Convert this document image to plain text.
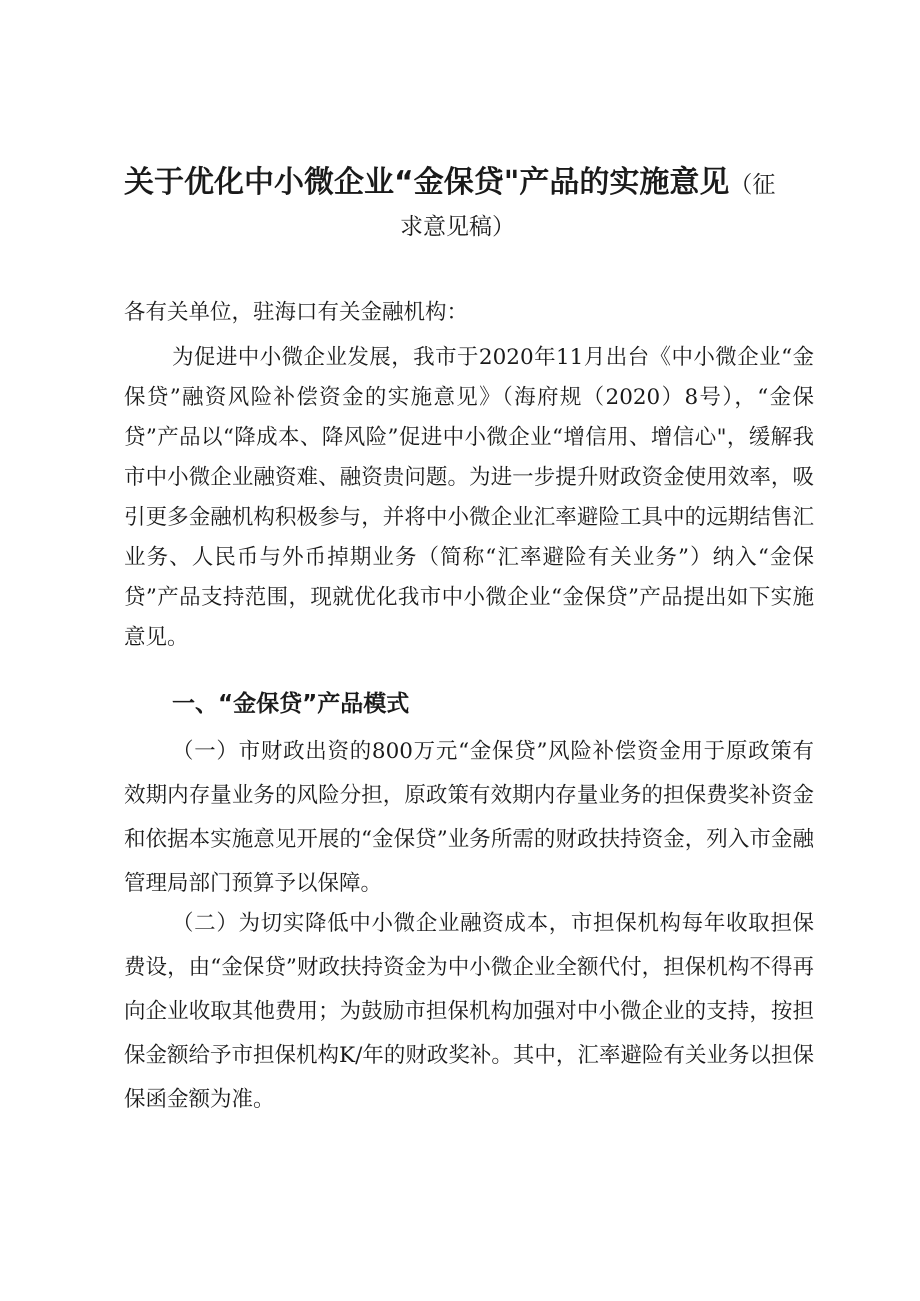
关于优化中小微企业“金保贷"产品的实施意见（征
求意见稿）
各有关单位，驻海口有关金融机构：
为促进中小微企业发展，我市于2020年11月出台《中小微企业“金保贷”融资风险补偿资金的实施意见》（海府规（2020）8号），“金保贷”产品以“降成本、降风险”促进中小微企业“增信用、增信心"，缓解我市中小微企业融资难、融资贵问题。为进一步提升财政资金使用效率，吸引更多金融机构积极参与，并将中小微企业汇率避险工具中的远期结售汇业务、人民币与外币掉期业务（简称“汇率避险有关业务”）纳入“金保贷”产品支持范围，现就优化我市中小微企业“金保贷”产品提出如下实施意见。
一、“金保贷”产品模式
（一）市财政出资的800万元“金保贷”风险补偿资金用于原政策有效期内存量业务的风险分担，原政策有效期内存量业务的担保费奖补资金和依据本实施意见开展的“金保贷”业务所需的财政扶持资金，列入市金融管理局部门预算予以保障。
（二）为切实降低中小微企业融资成本，市担保机构每年收取担保费设，由“金保贷”财政扶持资金为中小微企业全额代付，担保机构不得再向企业收取其他费用；为鼓励市担保机构加强对中小微企业的支持，按担保金额给予市担保机构K/年的财政奖补。其中，汇率避险有关业务以担保保函金额为准。
